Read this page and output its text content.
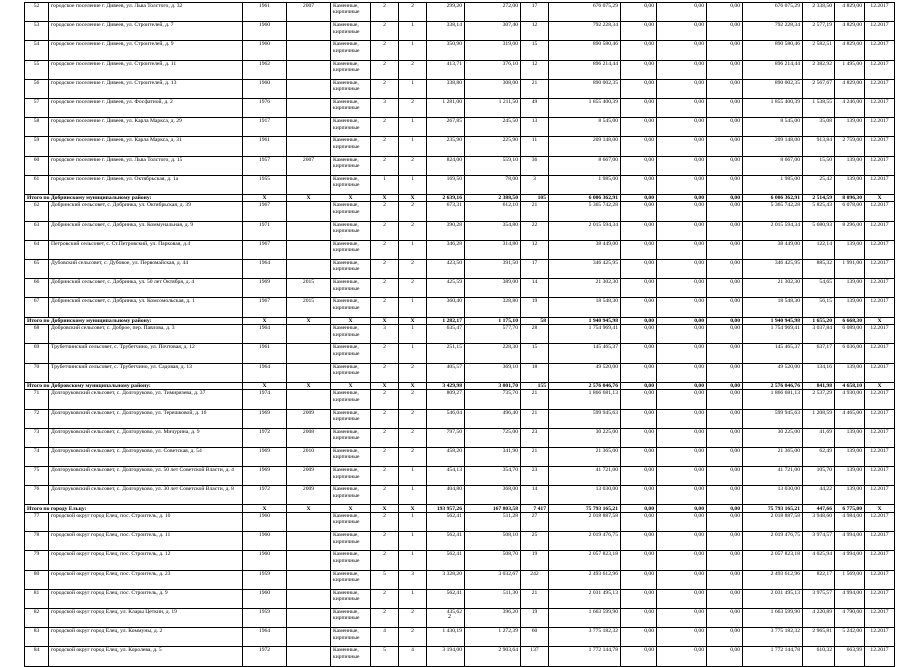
52	городское поселение г. Дивеев, ул. Льва Толстого, д. 32	1961	2007	Каменные, кирпичные	2	2	299,20	272,00	17	676 075,29	0,00	0,00	0,00	676 075,29	2 338,50	4 829,00	12.2017
53	городское поселение г. Дивеев, ул. Строителей, д. 7	1960		Каменные, кирпичные	2	1	338,14	307,40	12	792 228,34	0,00	0,00	0,00	792 228,34	2 577,19	4 829,00	12.2017
54	городское поселение г. Дивеев, ул. Строителей, д. 9	1960		Каменные, кирпичные	2	1	350,90	319,00	15	890 580,46	0,00	0,00	0,00	890 580,46	2 582,51	4 829,00	12.2017
55	городское поселение г. Дивеев, ул. Строителей, д. 11	1962		Каменные, кирпичные	2	2	413,71	376,10	12	896 214,44	0,00	0,00	0,00	896 214,44	2 382,92	1 495,00	12.2017
56	городское поселение г. Дивеев, ул. Строителей, д. 13	1960		Каменные, кирпичные	2	1	338,80	308,00	21	890 002,35	0,00	0,00	0,00	890 002,35	2 567,67	4 829,00	12.2017
57	городское поселение г. Дивеев, ул. Фосфатной, д. 2	1976		Каменные, кирпичные	3	2	1 281,00	1 211,50	49	1 855 400,39	0,00	0,00	0,00	1 855 400,39	1 538,55	4 246,00	12.2017
58	городское поселение г. Дивеев, ул. Карла Маркса, д. 29	1917		Каменные, кирпичные	2	1	267,85	245,50	13	8 545,00	0,00	0,00	0,00	8 545,00	35,08	139,00	12.2017
59	городское поселение г. Дивеев, ул. Карла Маркса, д. 31	1961		Каменные, кирпичные	2	1	235,90	225,90	11	209 148,00	0,00	0,00	0,00	209 148,00	913,84	2 759,00	12.2017
60	городское поселение г. Дивеев, ул. Льва Толстого, д. 15	1957	2007	Каменные, кирпичные	2	2	824,00	559,10	36	8 667,00	0,00	0,00	0,00	8 667,00	15,50	139,00	12.2017
61	городское поселение г. Дивеев, ул. Октябрьская, д. 1а	1955		Каменные, кирпичные	1	1	169,50	78,00	3	1 985,00	0,00	0,00	0,00	1 985,00	25,42	139,00	12.2017
Итого по Добринскому муниципальному району:		X	X	X	X	X	2 639,16	2 388,50	105	6 006 362,91	0,00	0,00	0,00	6 006 362,91	2 514,59	8 096,30	X
62	Добринский сельсовет, с. Добринка, ул. Октябрьская, д. 39	1967		Каменные, кирпичные	2	2	673,31	612,10	21	5 365 742,28	0,00	0,00	0,00	5 365 742,28	5 825,43	6 078,00	12.2017
63	Добринский сельсовет, с. Добринка, ул. Коммунальная, д. 9	1971		Каменные, кирпичные	2	2	390,28	354,80	22	2 015 594,34	0,00	0,00	0,00	2 015 594,34	5 680,93	8 296,00	12.2017
64	Петровский сельсовет, с. Ст.Петровский, ул. Парковая, д.4	1967		Каменные, кирпичные	2	1	346,28	314,80	12	38 449,00	0,00	0,00	0,00	38 449,00	122,14	139,00	12.2017
65	Дубовский сельсовет, с. Дубовое, ул. Первомайская, д. 44	1964		Каменные, кирпичные	2	2	423,50	391,50	17	346 425,95	0,00	0,00	0,00	346 425,95	885,32	1 991,00	12.2017
66	Добринский сельсовет, с. Добринка, ул. 50 лет Октября, д. 4	1969	2015	Каменные, кирпичные	2	2	425,59	389,00	14	21 302,30	0,00	0,00	0,00	21 302,30	54,65	139,00	12.2017
67	Добринский сельсовет, с. Добринка, ул. Комсомольская, д. 1	1967	2015	Каменные, кирпичные	2	1	360,40	328,80	19	18 548,30	0,00	0,00	0,00	18 548,30	56,15	139,00	12.2017
Итого по Добринскому муниципальному району:		X	X	X	X	X	1 282,17	1 175,10	58	1 940 945,98	0,00	0,00	0,00	1 940 945,98	1 655,20	6 668,30	X
68	Добровский сельсовет, с. Доброе, пер. Павлова, д. 3	1964		Каменные, кирпичные	3	1	635,47	577,70	28	1 754 969,41	0,00	0,00	0,00	1 754 969,41	3 037,84	6 089,00	12.2017
69	Трубетчинский сельсовет, с. Трубетчино, ул. Почтовая, д. 12	1961		Каменные, кирпичные	2	1	251,15	228,30	15	145 465,37	0,00	0,00	0,00	145 465,37	637,17	6 036,00	12.2017
70	Трубетчинский сельсовет, с. Трубетчино, ул. Садовая, д. 13	1964		Каменные, кирпичные	2	2	405,57	369,10	18	49 520,00	0,00	0,00	0,00	49 520,00	134,16	139,00	12.2017
Итого по Добровскому муниципальному району:		X	X	X	X	X	3 429,98	3 001,70	155	2 576 046,76	0,00	0,00	0,00	2 576 046,76	841,98	4 658,10	X
71	Долгоруковский сельсовет, с. Долгоруково, ул. Тимирязева, д. 37	1974		Каменные, кирпичные	2	2	809,27	735,70	21	1 866 681,13	0,00	0,00	0,00	1 866 681,13	2 537,29	4 930,00	12.2017
72	Долгоруковский сельсовет, с. Долгоруково, ул. Терешковой, д. 16	1969	2009	Каменные, кирпичные	2	2	546,04	496,40	21	599 945,63	0,00	0,00	0,00	599 945,63	1 208,59	4 465,00	12.2017
73	Долгоруковский сельсовет, с. Долгоруково, ул. Мичурина, д. 9	1972	2008	Каменные, кирпичные	2	2	797,50	725,00	23	30 225,00	0,00	0,00	0,00	30 225,00	41,69	139,00	12.2017
74	Долгоруковский сельсовет, с. Долгоруково, ул. Советская, д. 54	1969	2010	Каменные, кирпичные	2	2	458,20	341,90	21	21 365,00	0,00	0,00	0,00	21 365,00	62,49	139,00	12.2017
75	Долгоруковский сельсовет, с. Долгоруково, ул. 50 лет Советской Власти, д. 4	1969	2009	Каменные, кирпичные	2	1	454,13	354,70	23	41 721,00	0,00	0,00	0,00	41 721,00	105,70	139,00	12.2017
76	Долгоруковский сельсовет, с. Долгоруково, ул. 30 лет Советской Власти, д. 8	1972	2009	Каменные, кирпичные	2	1	404,80	368,00	14	13 030,00	0,00	0,00	0,00	13 030,00	44,22	139,00	12.2017
Итого по городу Ельцу:		X	X	X	X	X	193 957,26	167 803,58	7 417	75 793 165,21	0,00	0,00	0,00	75 793 165,21	447,66	6 775,00	X
77	городской округ город Елец, пос. Строитель, д. 10	1960		Каменные, кирпичные	2	1	562,41	511,28	27	2 018 887,58	0,00	0,00	0,00	2 018 887,58	3 948,60	4 984,00	12.2017
78	городской округ город Елец, пос. Строитель, д. 11	1960		Каменные, кирпичные	2	1	562,41	508,10	25	2 019 476,75	0,00	0,00	0,00	2 019 476,75	3 974,57	4 994,00	12.2017
79	городской округ город Елец, пос. Строитель, д. 12	1960		Каменные, кирпичные	2	1	562,41	508,70	19	2 057 823,18	0,00	0,00	0,00	2 057 823,18	4 025,94	4 994,00	12.2017
80	городской округ город Елец, пос. Строитель, д. 23	1959		Каменные, кирпичные	5	3	3 328,20	3 032,67	242	2 493 612,96	0,00	0,00	0,00	2 493 612,96	822,17	1 569,00	12.2017
81	городской округ город Елец, пос. Строитель, д. 9	1960		Каменные, кирпичные	2	1	562,41	511,30	21	2 031 495,13	0,00	0,00	0,00	2 031 495,13	3 975,57	4 994,00	12.2017
82	городской округ город Елец, ул. Клары Цеткин, д. 19	1959		Каменные, кирпичные	2	2	435,62	396,20	19	1 663 599,90	0,00	0,00	0,00	1 663 599,90	4 220,89	4 790,00	12.2017
83	городской округ город Елец, ул. Коммуны, д. 2	1964		Каменные, кирпичные	4	2	1 430,19	1 272,39	60	3 775 182,32	0,00	0,00	0,00	3 775 182,32	2 965,81	5 242,00	12.2017
84	городской округ город Елец, ул. Королева, д. 5	1972		Каменные, кирпичные	5	4	3 194,00	2 903,64	137	1 772 144,78	0,00	0,00	0,00	1 772 144,78	610,32	663,99	12.2017
2
